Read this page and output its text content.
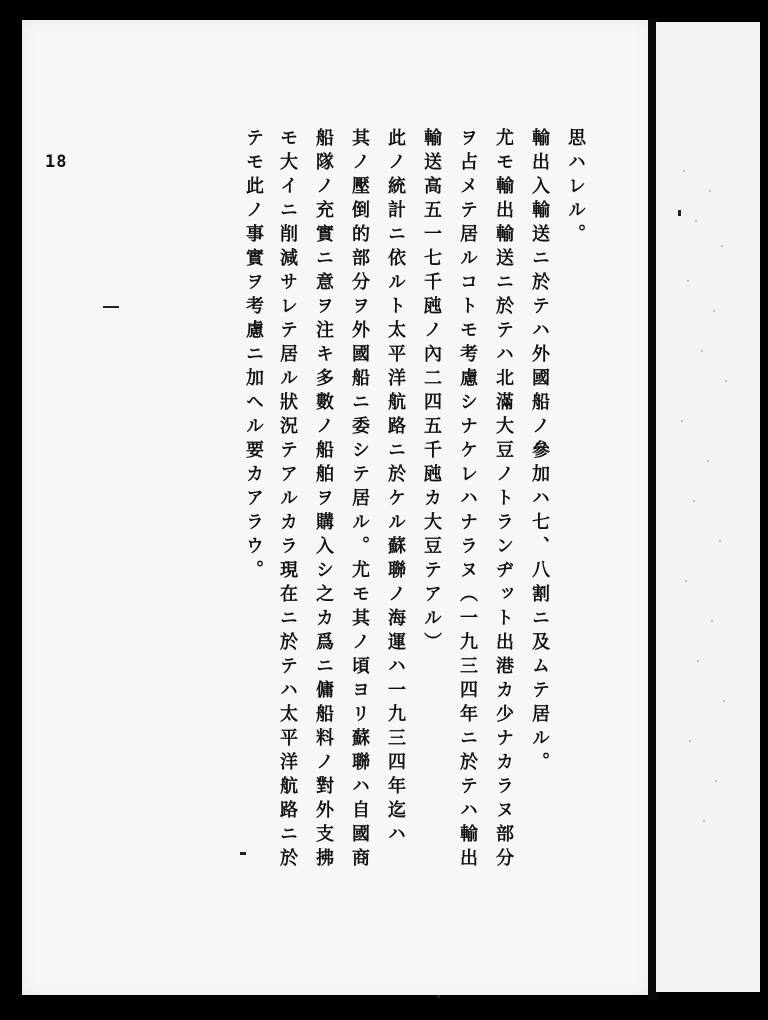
18	思ハレル。
輸出入輸送ニ於テハ外國船ノ參加ハ七、八割ニ及ムテ居ル。
尤モ輸出輸送ニ於テハ北滿大豆ノトランヂット出港カ少ナカラヌ部分
ヲ占メテ居ルコトモ考慮シナケレハナラヌ（一九三四年ニ於テハ輸出
輸送高五一七千瓲ノ內二四五千瓲カ大豆テアル）
此ノ統計ニ依ルト太平洋航路ニ於ケル蘇聯ノ海運ハ一九三四年迄ハ
其ノ壓倒的部分ヲ外國船ニ委シテ居ル。尤モ其ノ頃ヨリ蘇聯ハ自國商
船隊ノ充實ニ意ヲ注キ多數ノ船舶ヲ購入シ之カ爲ニ傭船料ノ對外支拂
モ大イニ削減サレテ居ル狀況テアルカラ現在ニ於テハ太平洋航路ニ於
テモ此ノ事實ヲ考慮ニ加ヘル要カアラウ。
